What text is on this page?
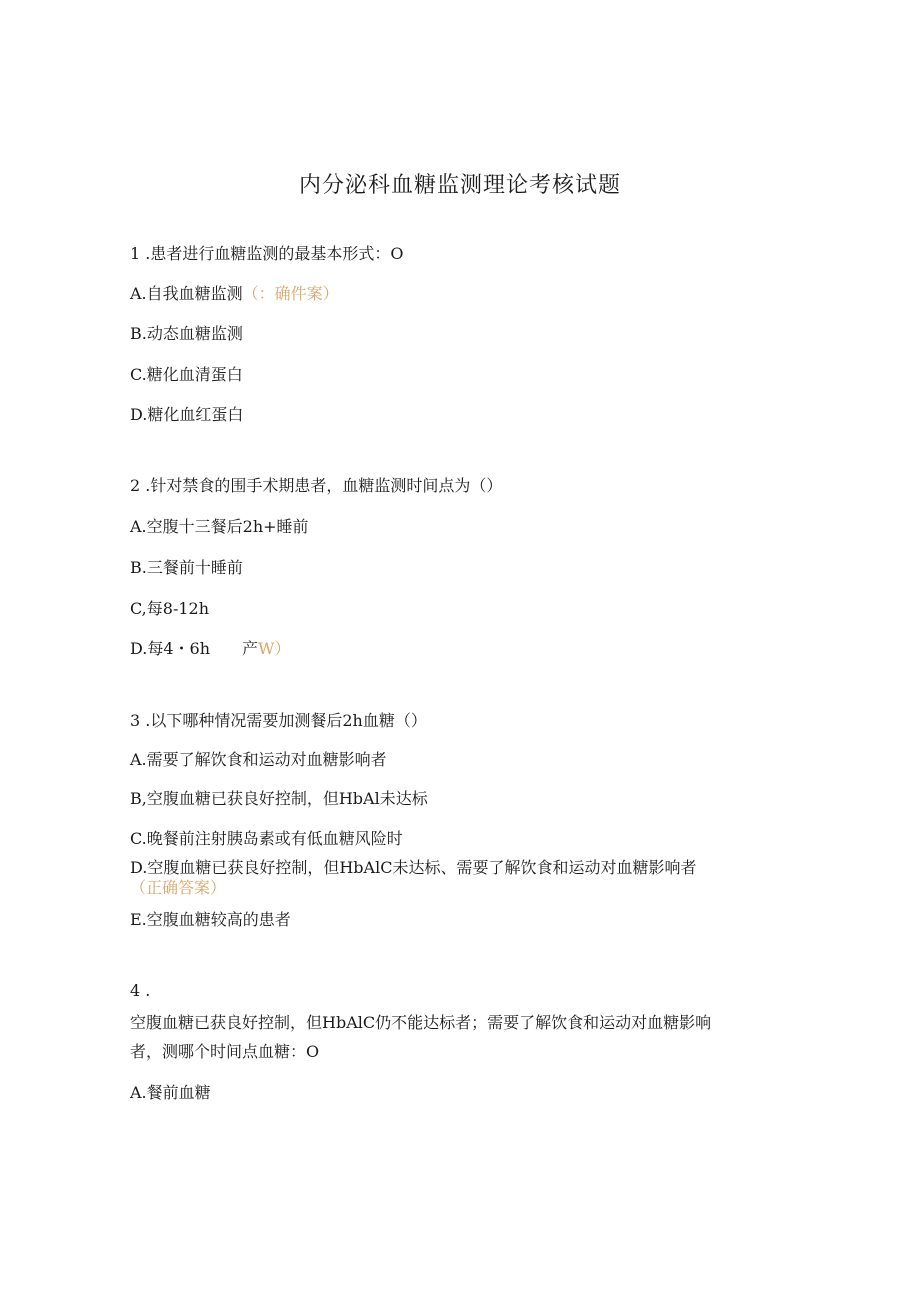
内分泌科血糖监测理论考核试题
1 .患者进行血糖监测的最基本形式：O
A.自我血糖监测（：确件案）
B.动态血糖监测
C.糖化血清蛋白
D.糖化血红蛋白
2 .针对禁食的围手术期患者，血糖监测时间点为（）
A.空腹十三餐后2h+睡前
B.三餐前十睡前
C,每8-12h
D.每4・6h 产W）
3 .以下哪种情况需要加测餐后2h血糖（）
A.需要了解饮食和运动对血糖影响者
B,空腹血糖已获良好控制，但HbAl未达标
C.晚餐前注射胰岛素或有低血糖风险时
D.空腹血糖已获良好控制，但HbAlC未达标、需要了解饮食和运动对血糖影响者（正确答案）
E.空腹血糖较高的患者
4 .
空腹血糖已获良好控制，但HbAlC仍不能达标者；需要了解饮食和运动对血糖影响
者，测哪个时间点血糖：O
A.餐前血糖
